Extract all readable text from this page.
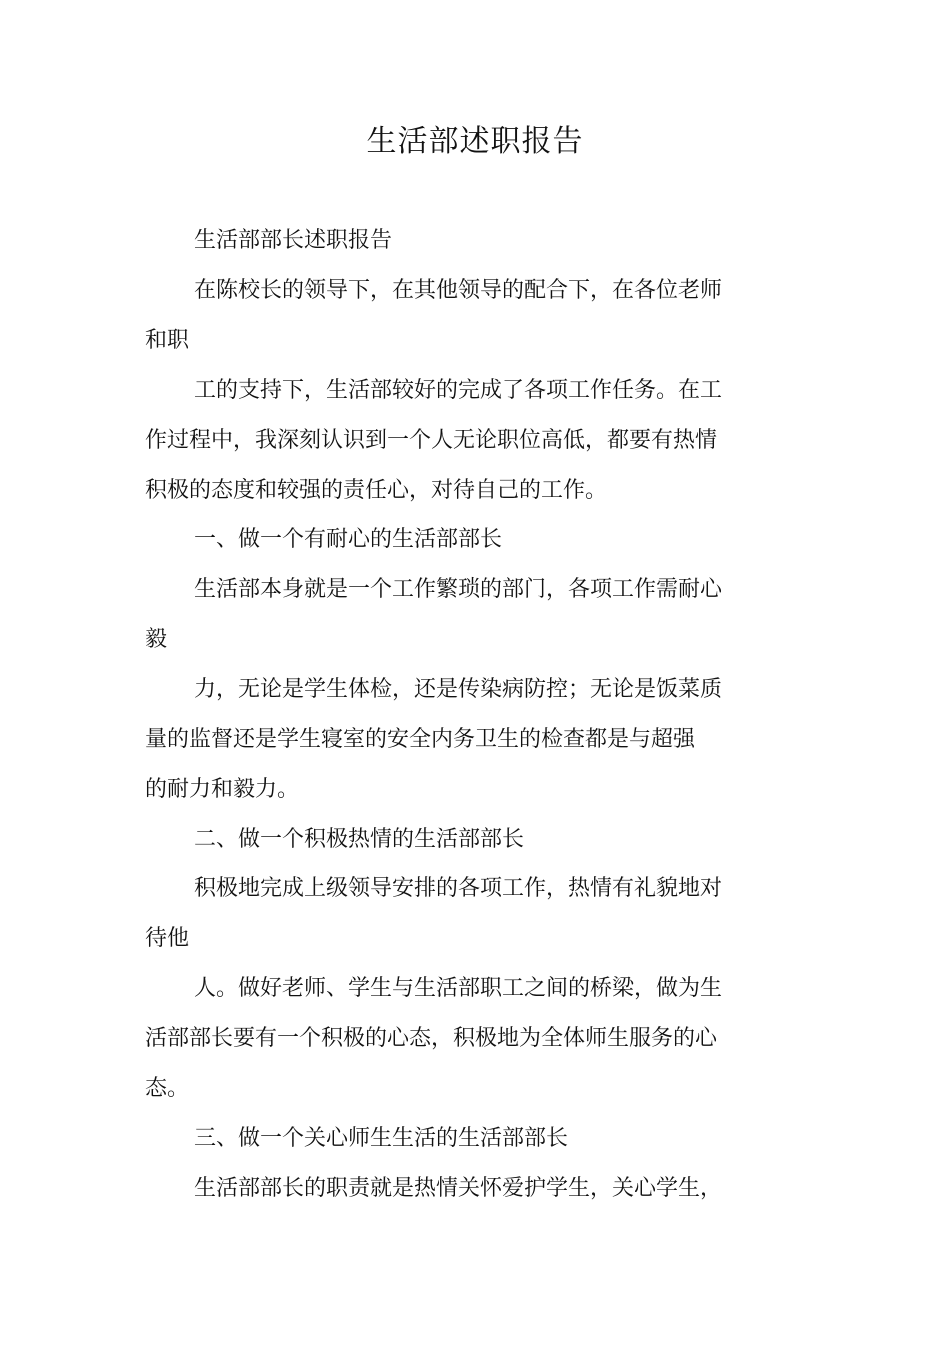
生活部述职报告
生活部部长述职报告
在陈校长的领导下，在其他领导的配合下，在各位老师
和职
工的支持下，生活部较好的完成了各项工作任务。在工
作过程中，我深刻认识到一个人无论职位高低，都要有热情
积极的态度和较强的责任心，对待自己的工作。
一、做一个有耐心的生活部部长
生活部本身就是一个工作繁琐的部门，各项工作需耐心
毅
力，无论是学生体检，还是传染病防控；无论是饭菜质
量的监督还是学生寝室的安全内务卫生的检查都是与超强
的耐力和毅力。
二、做一个积极热情的生活部部长
积极地完成上级领导安排的各项工作，热情有礼貌地对
待他
人。做好老师、学生与生活部职工之间的桥梁，做为生
活部部长要有一个积极的心态，积极地为全体师生服务的心
态。
三、做一个关心师生生活的生活部部长
生活部部长的职责就是热情关怀爱护学生，关心学生，
